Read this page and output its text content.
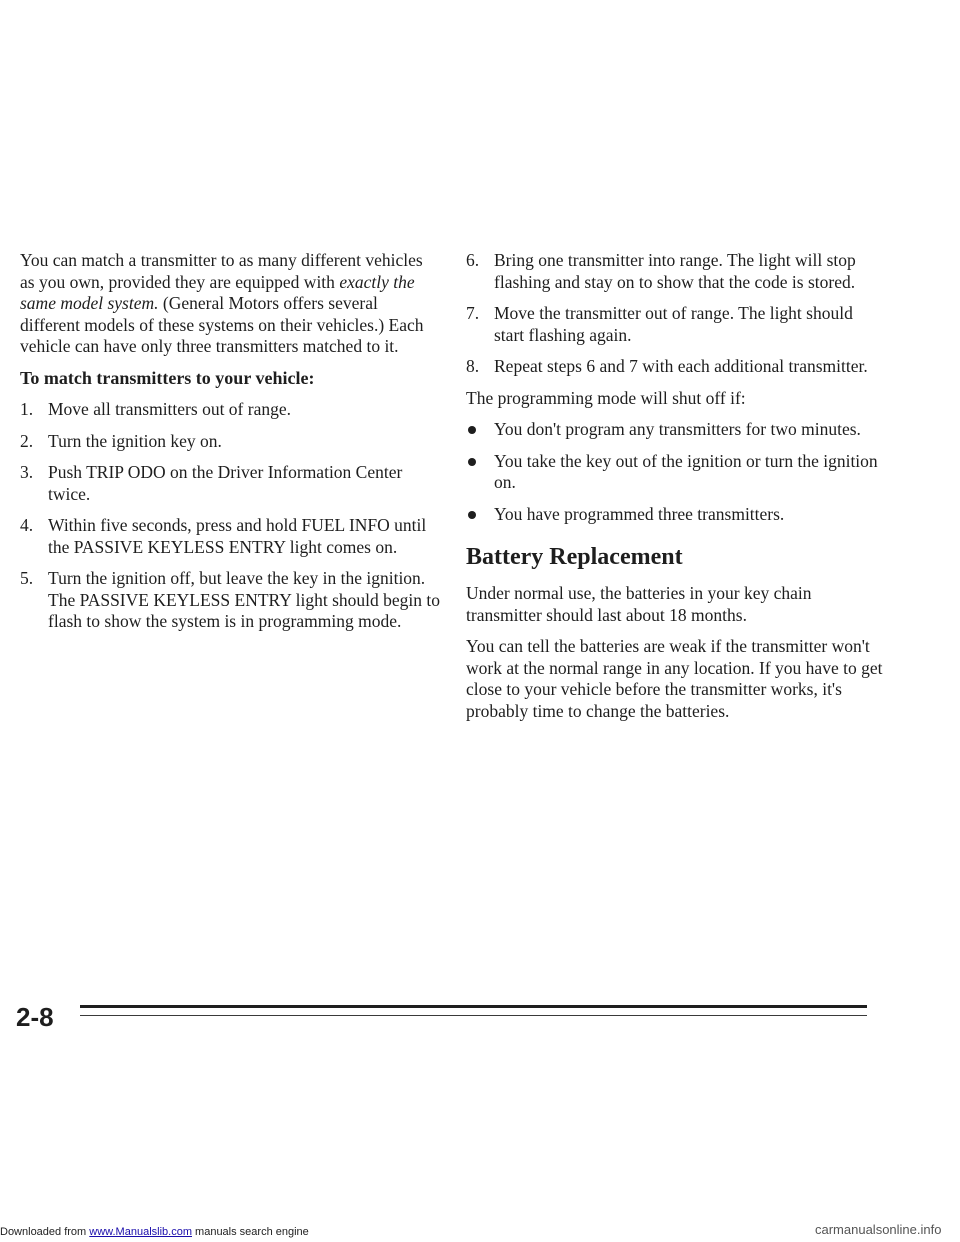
You can match a transmitter to as many different vehicles as you own, provided they are equipped with exactly the same model system. (General Motors offers several different models of these systems on their vehicles.) Each vehicle can have only three transmitters matched to it.

To match transmitters to your vehicle:
1. Move all transmitters out of range.
2. Turn the ignition key on.
3. Push TRIP ODO on the Driver Information Center twice.
4. Within five seconds, press and hold FUEL INFO until the PASSIVE KEYLESS ENTRY light comes on.
5. Turn the ignition off, but leave the key in the ignition. The PASSIVE KEYLESS ENTRY light should begin to flash to show the system is in programming mode.
6. Bring one transmitter into range. The light will stop flashing and stay on to show that the code is stored.
7. Move the transmitter out of range. The light should start flashing again.
8. Repeat steps 6 and 7 with each additional transmitter.

The programming mode will shut off if:

You don't program any transmitters for two minutes.
You take the key out of the ignition or turn the ignition on.
You have programmed three transmitters.
Battery Replacement

Under normal use, the batteries in your key chain transmitter should last about 18 months.

You can tell the batteries are weak if the transmitter won't work at the normal range in any location. If you have to get close to your vehicle before the transmitter works, it's probably time to change the batteries.

2-8
Downloaded from www.Manualslib.com manuals search engine	carmanualsonline.info
